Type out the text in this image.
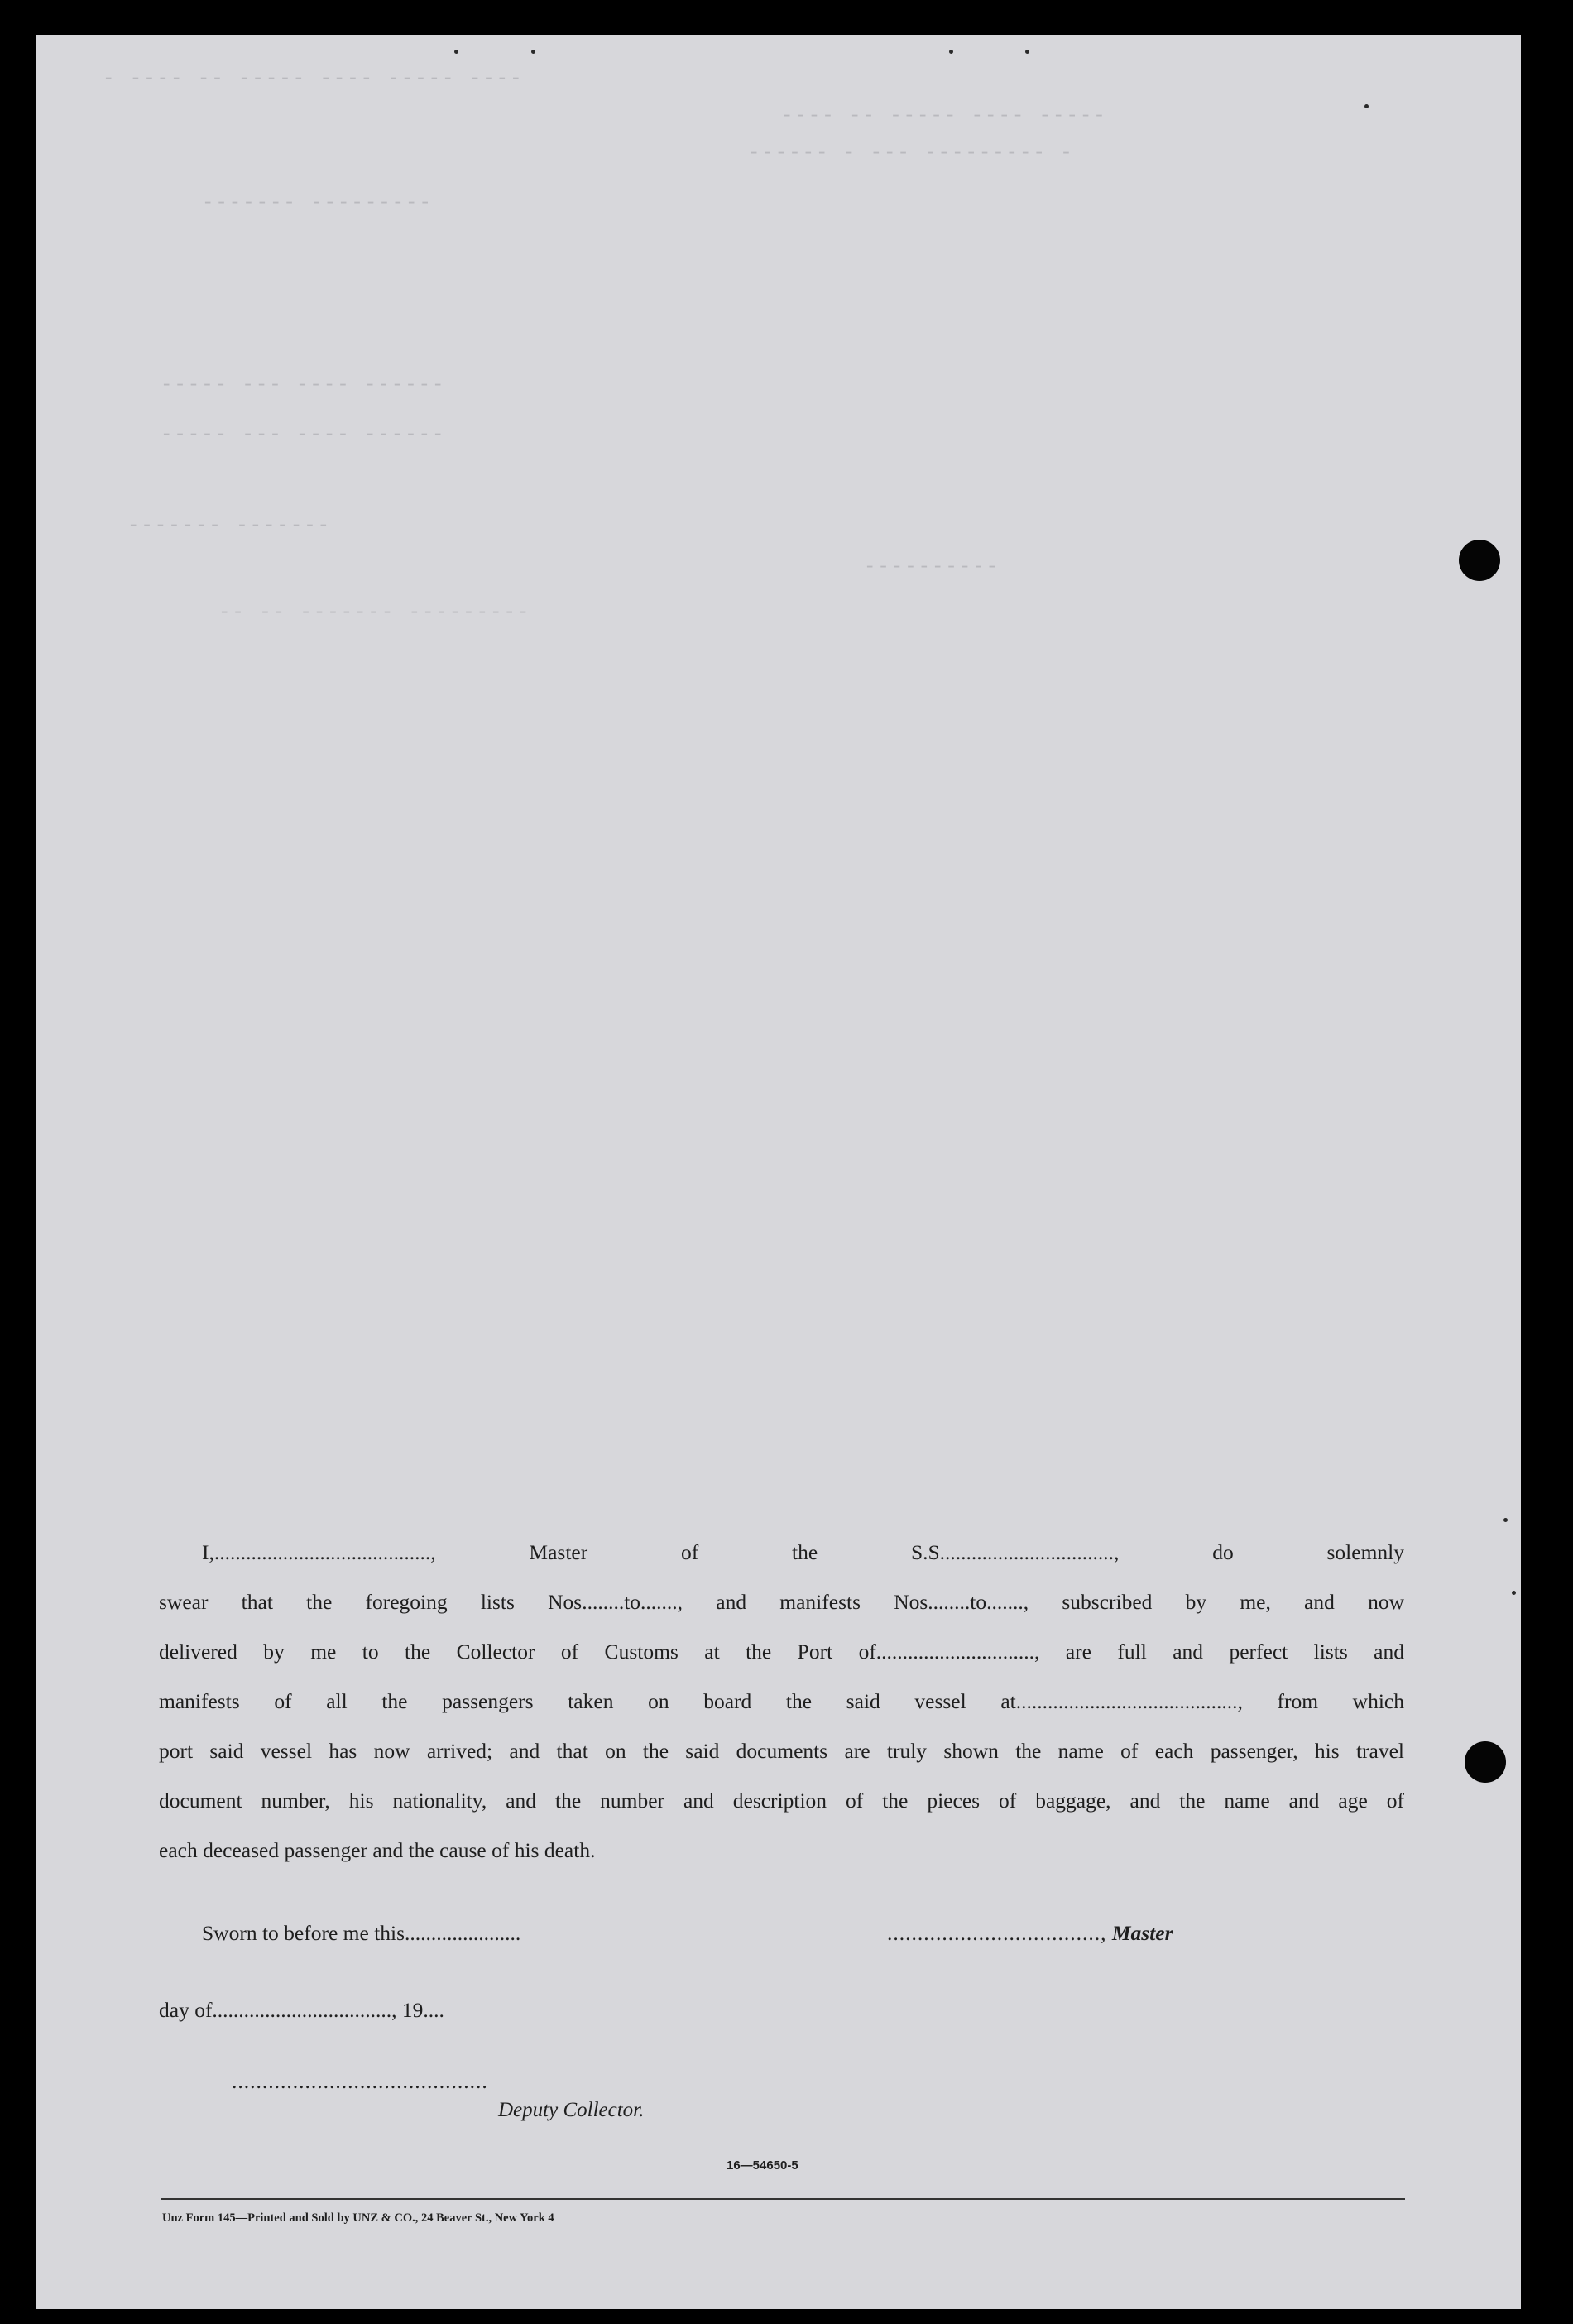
- ---- -- ----- ---- ----- ----
---- -- ----- ---- -----
------ - --- --------- -
------- ---------
----- --- ---- ------
----- --- ---- ------
------- -------
----------
-- -- ------- ---------
I,........................................., Master of the S.S................................., do solemnly
swear that the foregoing lists Nos........to......., and manifests Nos........to......., subscribed by me, and now
delivered by me to the Collector of Customs at the Port of.............................., are full and perfect lists and
manifests of all the passengers taken on board the said vessel at.........................................., from which
port said vessel has now arrived; and that on the said documents are truly shown the name of each passenger, his travel
document number, his nationality, and the number and description of the pieces of baggage, and the name and age of
each deceased passenger and the cause of his death.
Sworn to before me this......................	..................................., Master
day of.................................., 19....
..........................................
Deputy Collector.
16—54650-5
Unz Form 145—Printed and Sold by UNZ & CO., 24 Beaver St., New York 4
